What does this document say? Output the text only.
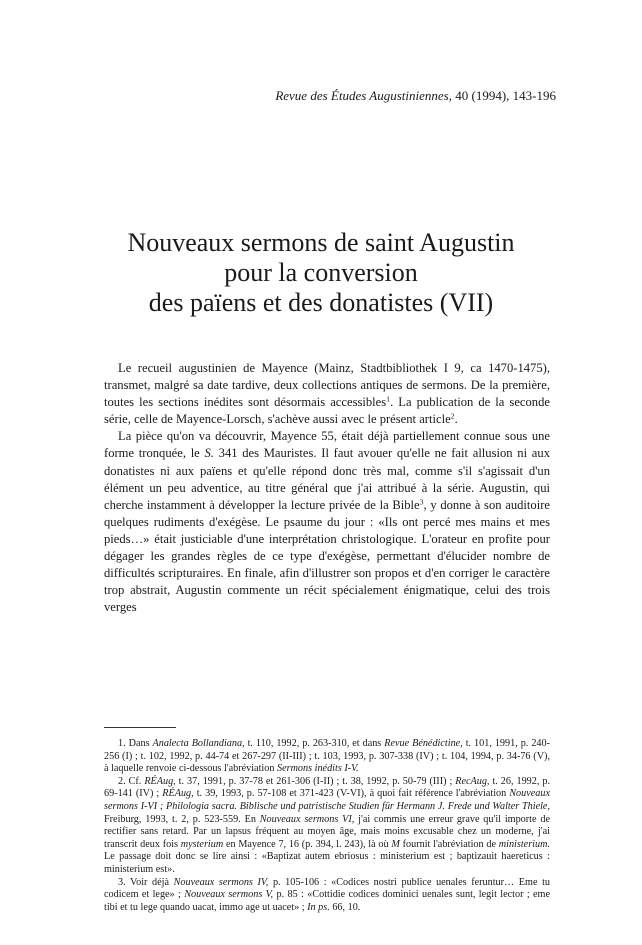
Revue des Études Augustiniennes, 40 (1994), 143-196

Nouveaux sermons de saint Augustin
pour la conversion
des païens et des donatistes (VII)

Le recueil augustinien de Mayence (Mainz, Stadtbibliothek I 9, ca 1470-1475), transmet, malgré sa date tardive, deux collections antiques de sermons. De la première, toutes les sections inédites sont désormais accessibles$^1$. La publication de la seconde série, celle de Mayence-Lorsch, s'achève aussi avec le présent article$^2$.

La pièce qu'on va découvrir, Mayence 55, était déjà partiellement connue sous une forme tronquée, le S. 341 des Mauristes. Il faut avouer qu'elle ne fait allusion ni aux donatistes ni aux païens et qu'elle répond donc très mal, comme s'il s'agissait d'un élément un peu adventice, au titre général que j'ai attribué à la série. Augustin, qui cherche instamment à développer la lecture privée de la Bible$^3$, y donne à son auditoire quelques rudiments d'exégèse. Le psaume du jour : «Ils ont percé mes mains et mes pieds…» était justiciable d'une interprétation christologique. L'orateur en profite pour dégager les grandes règles de ce type d'exégèse, permettant d'élucider nombre de difficultés scripturaires. En finale, afin d'illustrer son propos et d'en corriger le caractère trop abstrait, Augustin commente un récit spécialement énigmatique, celui des trois verges

1. Dans Analecta Bollandiana, t. 110, 1992, p. 263-310, et dans Revue Bénédictine, t. 101, 1991, p. 240-256 (I) ; t. 102, 1992, p. 44-74 et 267-297 (II-III) ; t. 103, 1993, p. 307-338 (IV) ; t. 104, 1994, p. 34-76 (V), à laquelle renvoie ci-dessous l'abréviation Sermons inédits I-V.

2. Cf. RÉAug, t. 37, 1991, p. 37-78 et 261-306 (I-II) ; t. 38, 1992, p. 50-79 (III) ; RecAug, t. 26, 1992, p. 69-141 (IV) ; RÉAug, t. 39, 1993, p. 57-108 et 371-423 (V-VI), à quoi fait référence l'abréviation Nouveaux sermons I-VI ; Philologia sacra. Biblische und patristische Studien für Hermann J. Frede und Walter Thiele, Freiburg, 1993, t. 2, p. 523-559. En Nouveaux sermons VI, j'ai commis une erreur grave qu'il importe de rectifier sans retard. Par un lapsus fréquent au moyen âge, mais moins excusable chez un moderne, j'ai transcrit deux fois mysterium en Mayence 7, 16 (p. 394, l. 243), là où M fournit l'abréviation de ministerium. Le passage doit donc se lire ainsi : «Baptizat autem ebriosus : ministerium est ; baptizauit haereticus : ministerium est».

3. Voir déjà Nouveaux sermons IV, p. 105-106 : «Codices nostri publice uenales feruntur… Eme tu codicem et lege» ; Nouveaux sermons V, p. 85 : «Cottidie codices dominici uenales sunt, legit lector ; eme tibi et tu lege quando uacat, immo age ut uacet» ; In ps. 66, 10.
